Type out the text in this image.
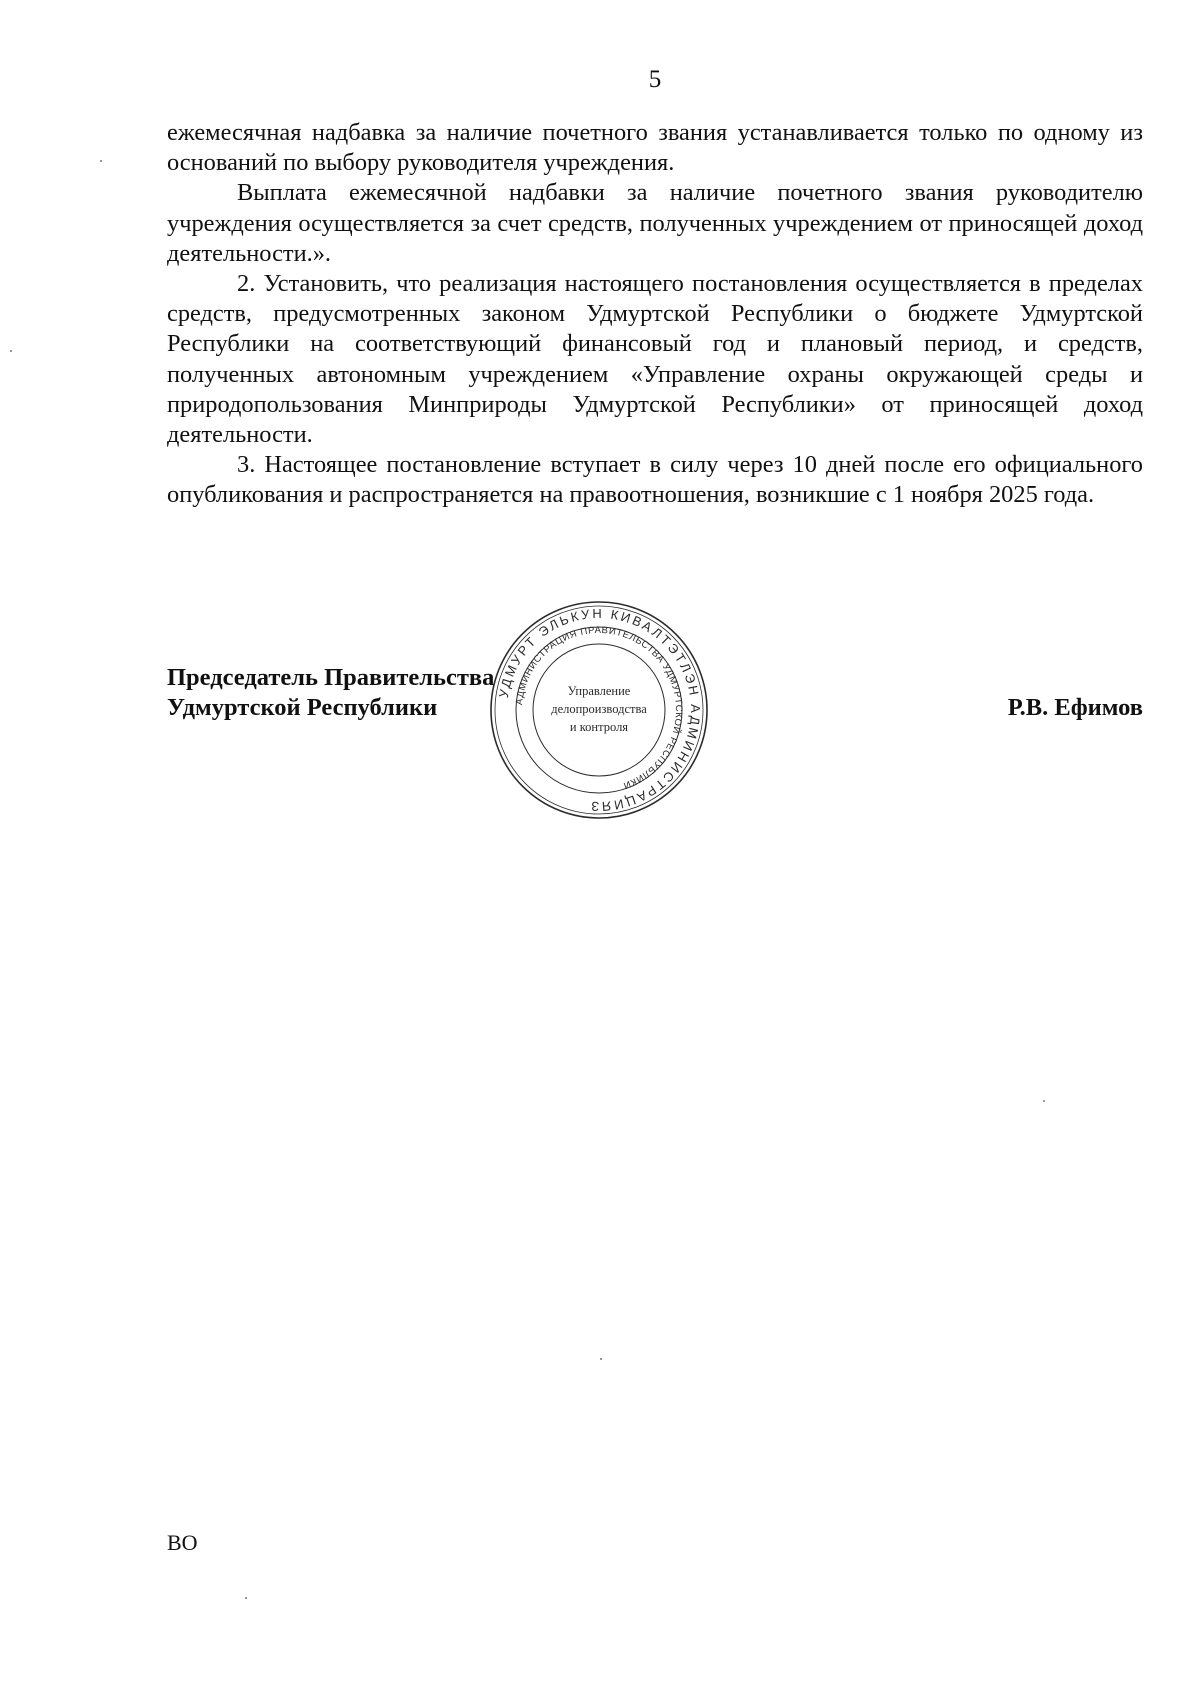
5

ежемесячная надбавка за наличие почетного звания устанавливается только по одному из оснований по выбору руководителя учреждения.

Выплата ежемесячной надбавки за наличие почетного звания руководителю учреждения осуществляется за счет средств, полученных учреждением от приносящей доход деятельности.».

2. Установить, что реализация настоящего постановления осуществляется в пределах средств, предусмотренных законом Удмуртской Республики о бюджете Удмуртской Республики на соответствующий финансовый год и плановый период, и средств, полученных автономным учреждением «Управление охраны окружающей среды и природопользования Минприроды Удмуртской Республики» от приносящей доход деятельности.

3. Настоящее постановление вступает в силу через 10 дней после его официального опубликования и распространяется на правоотношения, возникшие с 1 ноября 2025 года.

Председатель Правительства
Удмуртской Республики	Р.В. Ефимов
УДМУРТ ЭЛЬКУН КИВАЛТЭТЛЭН АДМИНИСТРАЦИЯЗ
АДМИНИСТРАЦИЯ ПРАВИТЕЛЬСТВА УДМУРТСКОЙ РЕСПУБЛИКИ
Управление
делопроизводства
и контроля
ВО
